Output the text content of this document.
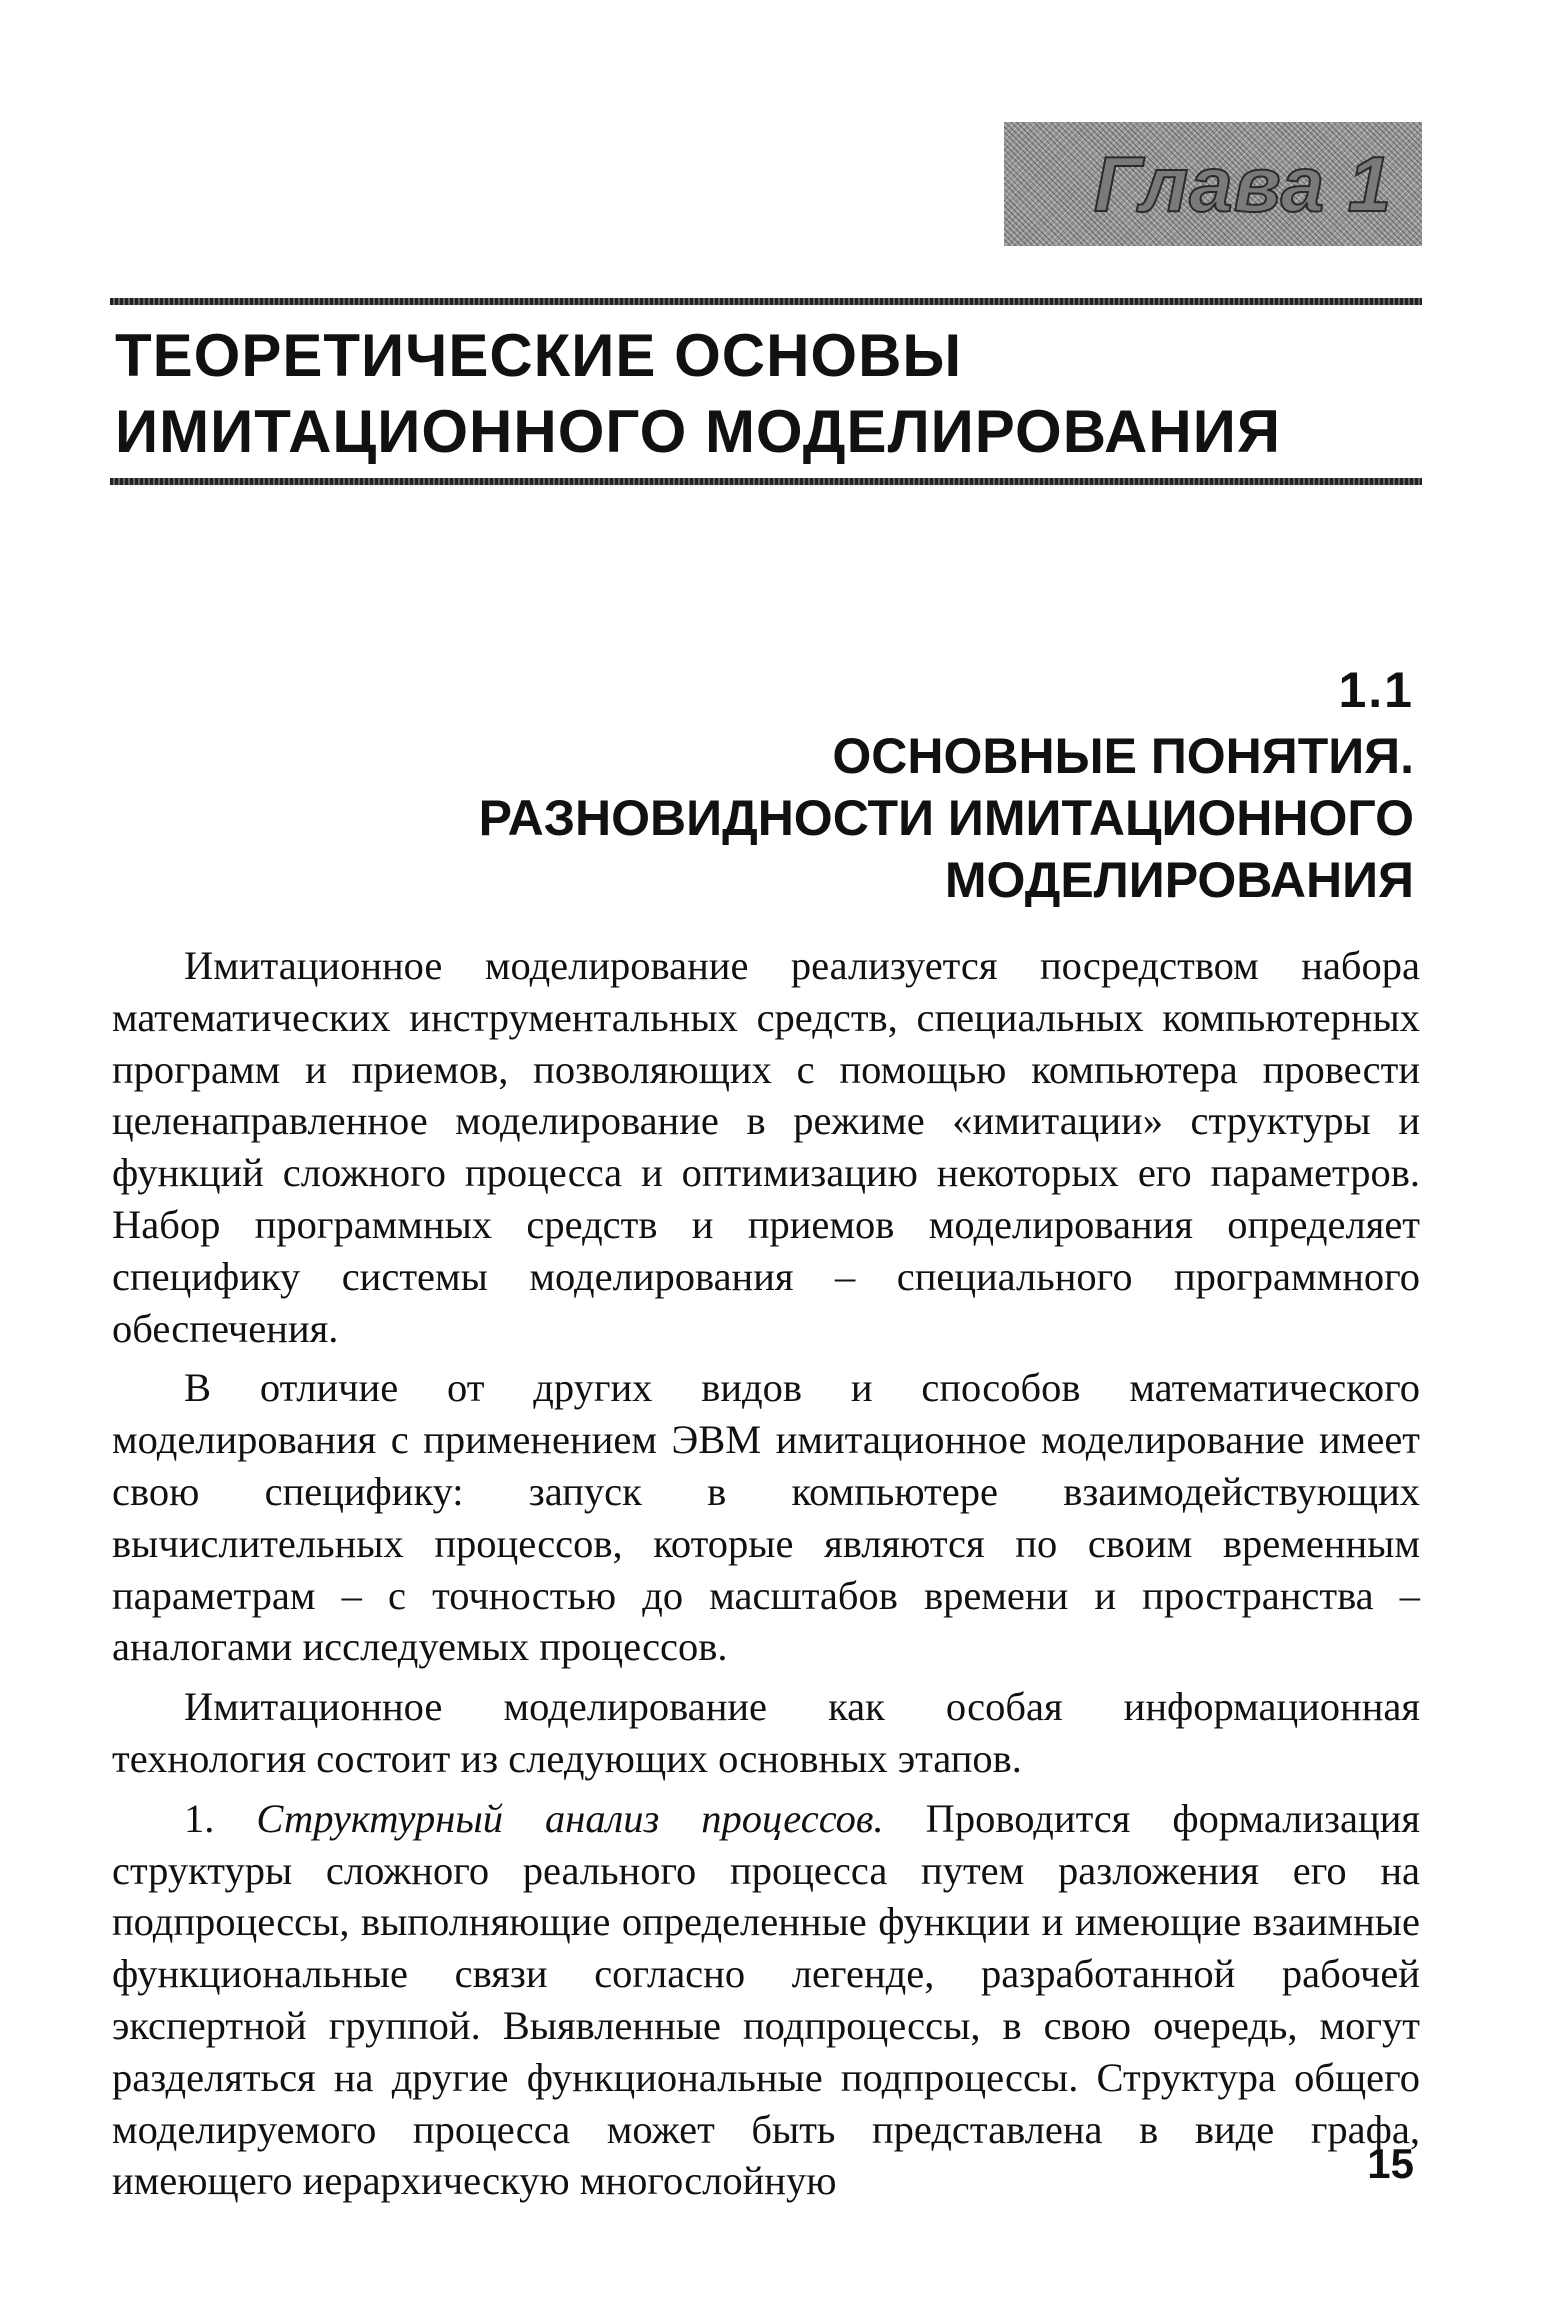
Глава 1
ТЕОРЕТИЧЕСКИЕ ОСНОВЫ
ИМИТАЦИОННОГО МОДЕЛИРОВАНИЯ
1.1
ОСНОВНЫЕ ПОНЯТИЯ.
РАЗНОВИДНОСТИ ИМИТАЦИОННОГО
МОДЕЛИРОВАНИЯ

Имитационное моделирование реализуется посредством набора математических инструментальных средств, специальных компьютерных программ и приемов, позволяющих с помощью компьютера провести целенаправленное моделирование в режиме «имитации» структуры и функций сложного процесса и оптимизацию некоторых его параметров. Набор программных средств и приемов моделирования определяет специфику системы моделирования – специального программного обеспечения.

В отличие от других видов и способов математического моделирования с применением ЭВМ имитационное моделирование имеет свою специфику: запуск в компьютере взаимодействующих вычислительных процессов, которые являются по своим временным параметрам – с точностью до масштабов времени и пространства – аналогами исследуемых процессов.

Имитационное моделирование как особая информационная технология состоит из следующих основных этапов.

1. Структурный анализ процессов. Проводится формализация структуры сложного реального процесса путем разложения его на подпроцессы, выполняющие определенные функции и имеющие взаимные функциональные связи согласно легенде, разработанной рабочей экспертной группой. Выявленные подпроцессы, в свою очередь, могут разделяться на другие функциональные подпроцессы. Структура общего моделируемого процесса может быть представлена в виде графа, имеющего иерархическую многослойную	15
